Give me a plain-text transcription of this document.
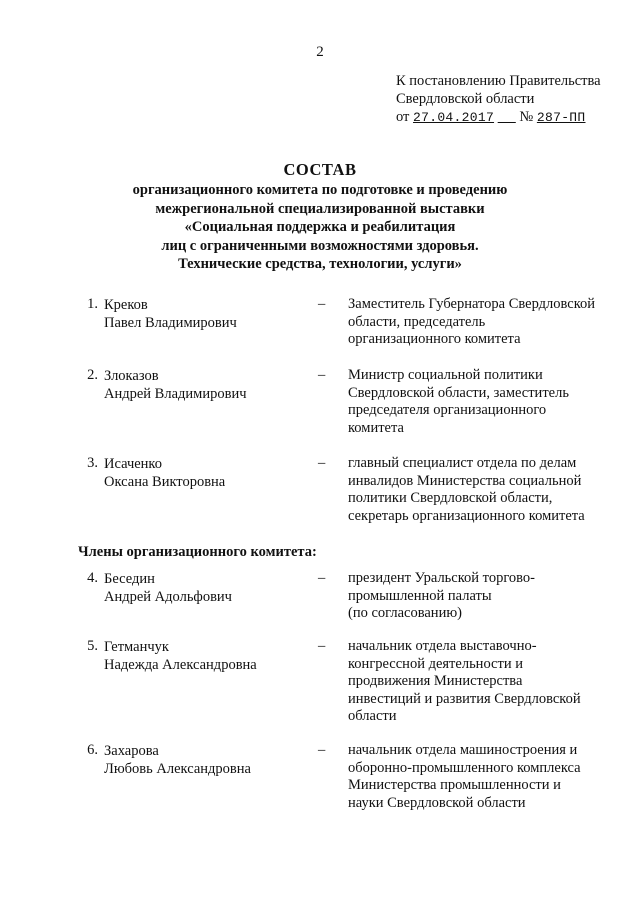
2
К постановлению Правительства
Свердловской области
от 27.04.2017 № 287-ПП
СОСТАВ
организационного комитета по подготовке и проведению
межрегиональной специализированной выставки
«Социальная поддержка и реабилитация
лиц с ограниченными возможностями здоровья.
Технические средства, технологии, услуги»
1. Креков
Павел Владимирович
–	Заместитель Губернатора Свердловской
области, председатель
организационного комитета
2. Злоказов
Андрей Владимирович
–	Министр социальной политики
Свердловской области, заместитель
председателя организационного
комитета
3. Исаченко
Оксана Викторовна
–	главный специалист отдела по делам
инвалидов Министерства социальной
политики Свердловской области,
секретарь организационного комитета
Члены организационного комитета:
4. Беседин
Андрей Адольфович
–	президент Уральской торгово-
промышленной палаты
(по согласованию)
5. Гетманчук
Надежда Александровна
–	начальник отдела выставочно-
конгрессной деятельности и
продвижения Министерства
инвестиций и развития Свердловской
области
6. Захарова
Любовь Александровна
–	начальник отдела машиностроения и
оборонно-промышленного комплекса
Министерства промышленности и
науки Свердловской области
